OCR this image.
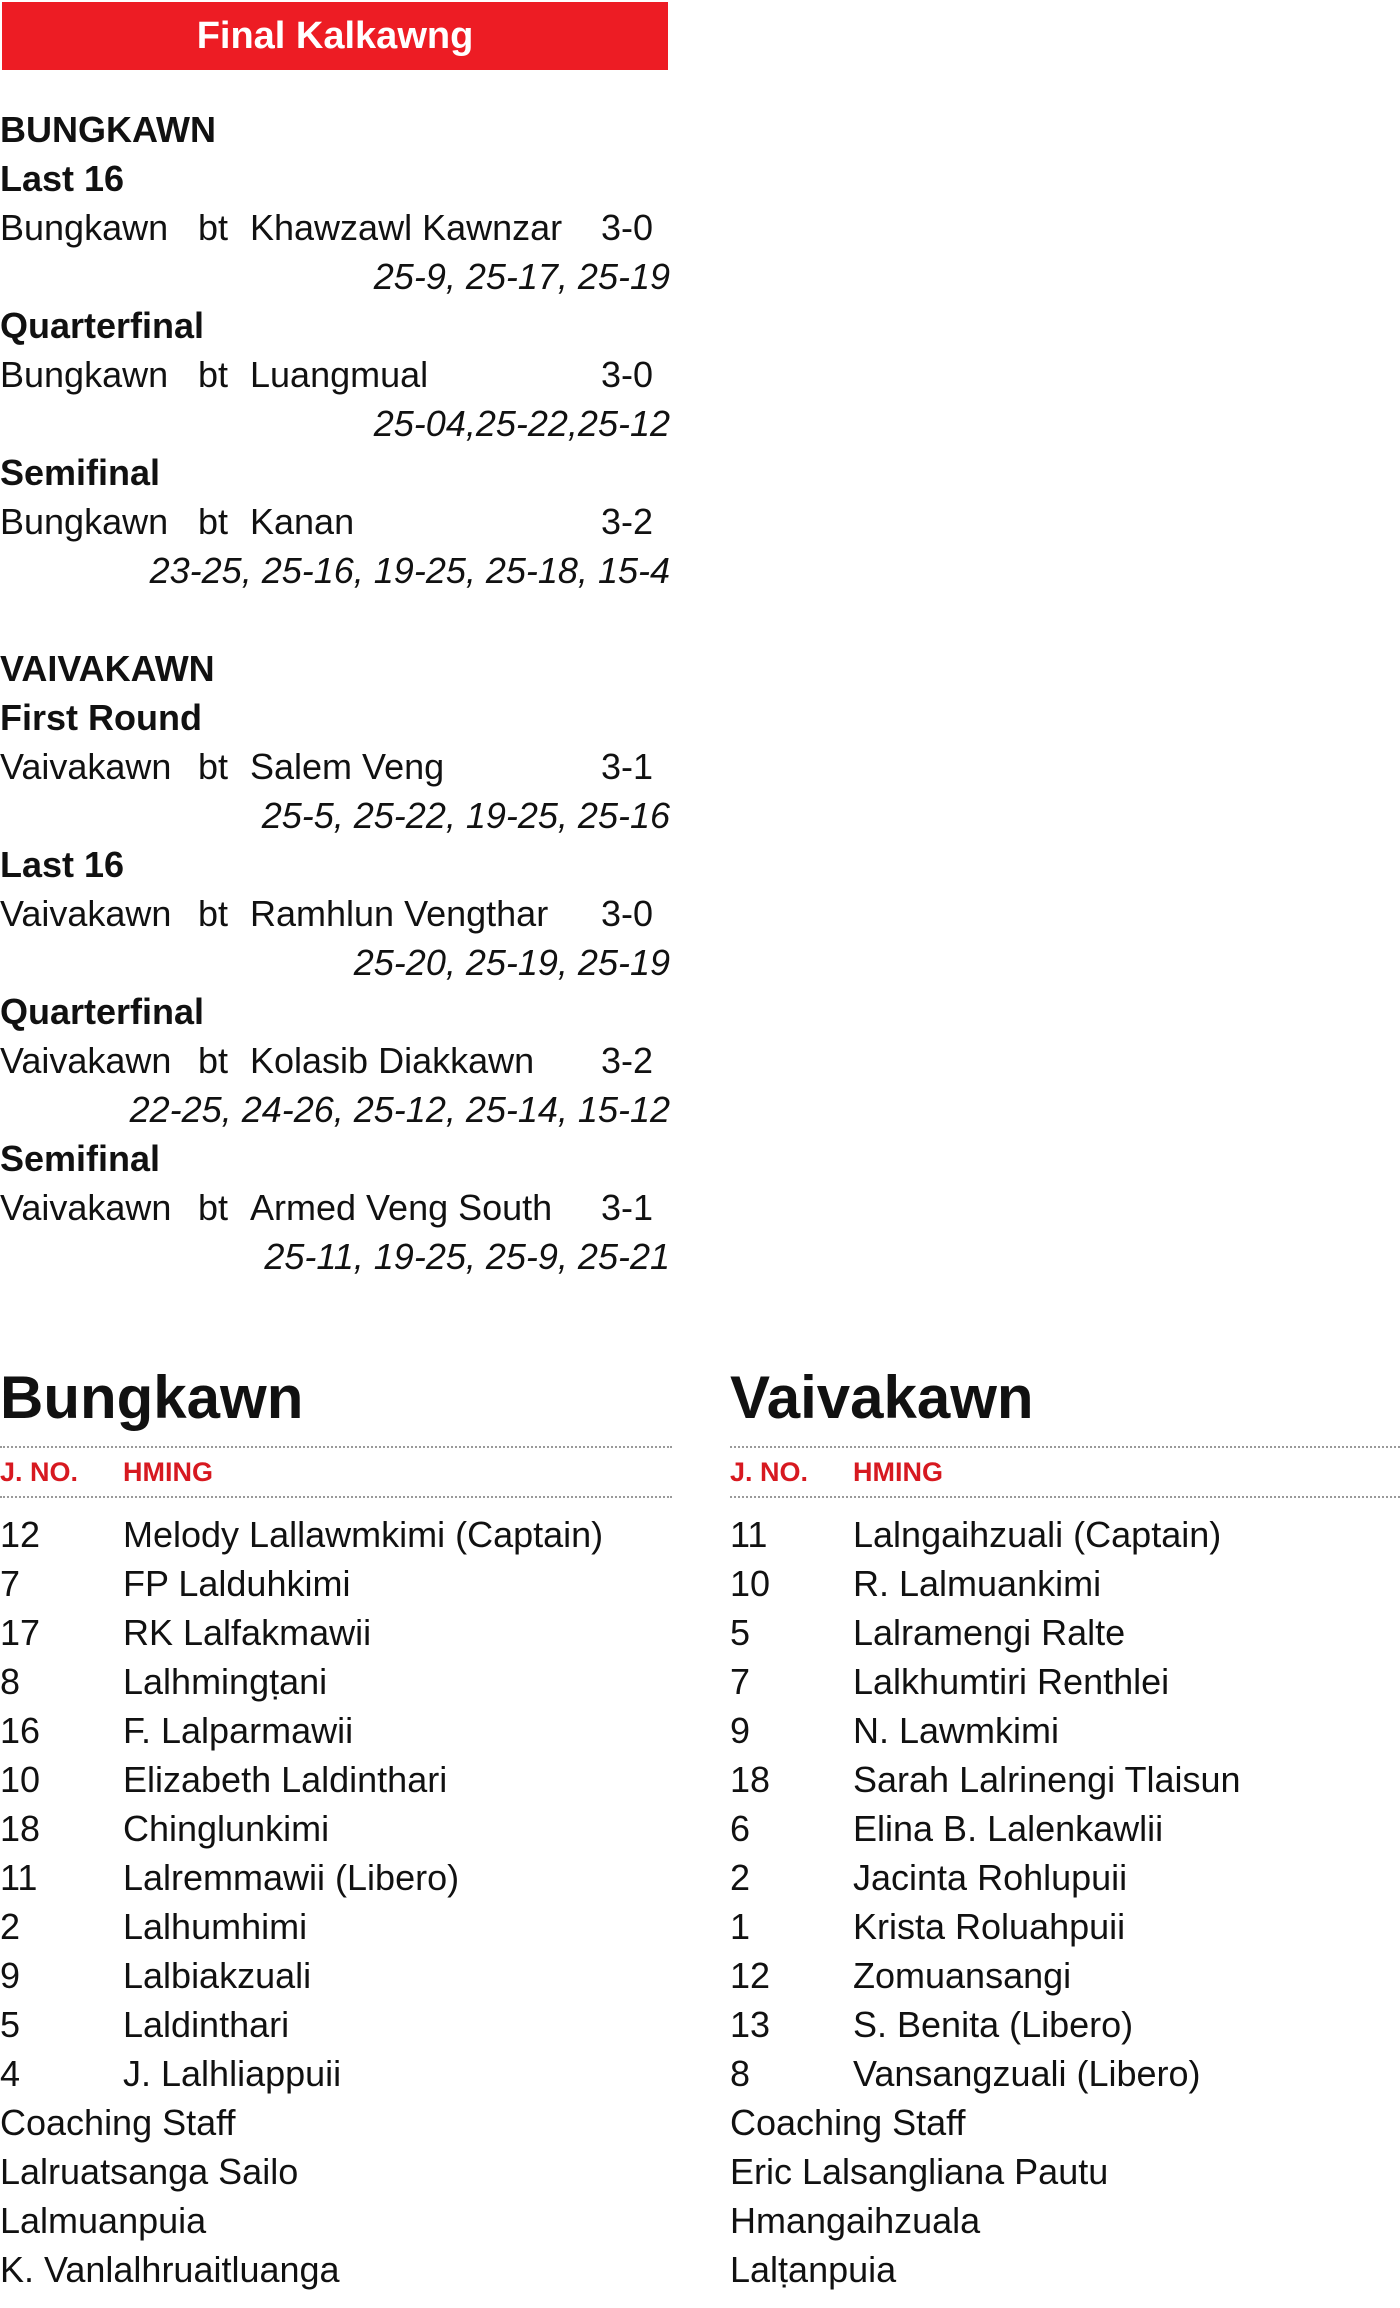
Final Kalkawng
BUNGKAWN
Last 16
Bungkawn bt Khawzawl Kawnzar 3-0
25-9, 25-17, 25-19
Quarterfinal
Bungkawn bt Luangmual	3-0
25-04,25-22,25-12
Semifinal
Bungkawn bt Kanan	3-2
23-25, 25-16, 19-25, 25-18, 15-4
VAIVAKAWN
First Round
Vaivakawn bt Salem Veng	3-1
25-5, 25-22, 19-25, 25-16
Last 16
Vaivakawn bt Ramhlun Vengthar 3-0
25-20, 25-19, 25-19
Quarterfinal
Vaivakawn bt Kolasib Diakkawn 3-2
22-25, 24-26, 25-12, 25-14, 15-12
Semifinal
Vaivakawn bt Armed Veng South 3-1
25-11, 19-25, 25-9, 25-21
Bungkawn
J. NO. HMING
12 Melody Lallawmkimi (Captain)
7	FP Lalduhkimi
17 RK Lalfakmawii
8	Lalhmingṭani
16 F. Lalparmawii
10 Elizabeth Laldinthari
18 Chinglunkimi
11 Lalremmawii (Libero)
2	Lalhumhimi
9	Lalbiakzuali
5	Laldinthari
4	J. Lalhliappuii
Coaching Staff
Lalruatsanga Sailo
Lalmuanpuia
K. Vanlalhruaitluanga
Vaivakawn
J. NO. HMING
11 Lalngaihzuali (Captain)
10 R. Lalmuankimi
5	Lalramengi Ralte
7	Lalkhumtiri Renthlei
9	N. Lawmkimi
18 Sarah Lalrinengi Tlaisun
6	Elina B. Lalenkawlii
2	Jacinta Rohlupuii
1	Krista Roluahpuii
12 Zomuansangi
13 S. Benita (Libero)
8	Vansangzuali (Libero)
Coaching Staff
Eric Lalsangliana Pautu
Hmangaihzuala
Lalṭanpuia
